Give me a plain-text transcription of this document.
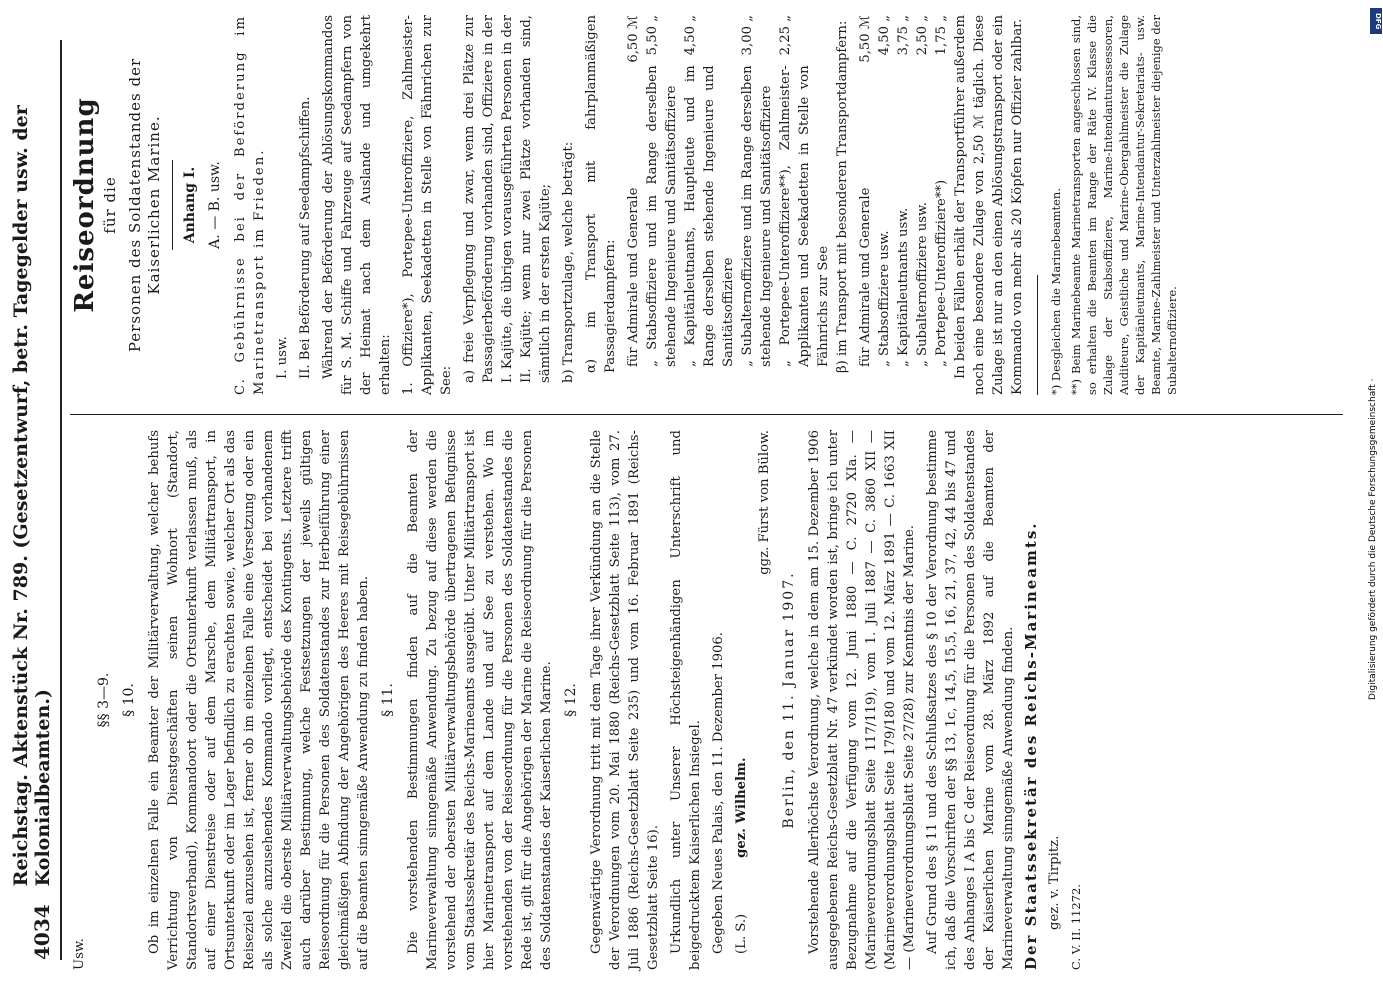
4034
Reichstag. Aktenstück Nr. 789. (Gesetzentwurf, betr. Tagegelder usw. der Kolonialbeamten.)

Usw.

§§ 3—9. § 10. Ob im einzelnen Falle ein Beamter der Militärverwaltung, welcher behufs Verrichtung von Dienstgeschäften seinen Wohnort (Standort, Standortsverband), Kommandoort oder die Ortsunterkunft verlassen muß, als auf einer Dienstreise oder auf dem Marsche, dem Militärtransport, in Ortsunterkunft oder im Lager befindlich zu erachten sowie, welcher Ort als das Reiseziel anzusehen ist, ferner ob im einzelnen Falle eine Versetzung oder ein als solche anzusehendes Kommando vorliegt, entscheidet bei vorhandenem Zweifel die oberste Militärverwaltungsbehörde des Kontingents. Letztere trifft auch darüber Bestimmung, welche Festsetzungen der jeweils gültigen Reiseordnung für die Personen des Soldatenstandes zur Herbeiführung einer gleichmäßigen Abfindung der Angehörigen des Heeres mit Reisegebührnissen auf die Beamten sinngemäße Anwendung zu finden haben. § 11. Die vorstehenden Bestimmungen finden auf die Beamten der Marineverwaltung sinngemäße Anwendung. Zu bezug auf diese werden die vorstehend der obersten Militärverwaltungsbehörde übertragenen Befugnisse vom Staatssekretär des Reichs-Marineamts ausgeübt. Unter Militärtransport ist hier Marinetransport auf dem Lande und auf See zu verstehen. Wo im vorstehenden von der Reiseordnung für die Personen des Soldatenstandes die Rede ist, gilt für die Angehörigen der Marine die Reiseordnung für die Personen des Soldatenstandes der Kaiserlichen Marine. § 12. Gegenwärtige Verordnung tritt mit dem Tage ihrer Verkündung an die Stelle der Verordnungen vom 20. Mai 1880 (Reichs-Gesetzblatt Seite 113), vom 27. Juli 1886 (Reichs-Gesetzblatt Seite 235) und vom 16. Februar 1891 (Reichs-Gesetzblatt Seite 16). Urkundlich unter Unserer Höchsteigenhändigen Unterschrift und beigedrucktem Kaiserlichen Insiegel. Gegeben Neues Palais, den 11. Dezember 1906. (L. S.)
gez. Wilhelm.

ggz. Fürst von Bülow.

Berlin, den 11. Januar 1907. Vorstehende Allerhöchste Verordnung, welche in dem am 15. Dezember 1906 ausgegebenen Reichs-Gesetzblatt Nr. 47 verkündet worden ist, bringe ich unter Bezugnahme auf die Verfügung vom 12. Juni 1880 — C. 2720 XIa. — (Marineverordnungsblatt Seite 117/119), vom 1. Juli 1887 — C. 3860 XII — (Marineverordnungsblatt Seite 179/180 und vom 12. März 1891 — C. 1663 XII — (Marineverordnungsblatt Seite 27/28) zur Kenntnis der Marine. Auf Grund des § 11 und des Schlußsatzes des § 10 der Verordnung bestimme ich, daß die Vorschriften der §§ 13, 1c, 14,5, 15,5, 16, 21, 37, 42, 44 bis 47 und des Anhanges I A bis C der Reiseordnung für die Personen des Soldatenstandes der Kaiserlichen Marine vom 28. März 1892 auf die Beamten der Marineverwaltung sinngemäße Anwendung finden. Der Staatssekretär des Reichs-Marineamts. gez. v. Tirpitz. C. V. II. 11272.

Reiseordnung für die Personen des Soldatenstandes der Kaiserlichen Marine. Anhang I. A. — B. usw. C. Gebührnisse bei der Beförderung im Marinetransport im Frieden. I. usw. II. Bei Beförderung auf Seedampfschiffen. Während der Beförderung der Ablösungskommandos für S. M. Schiffe und Fahrzeuge auf Seedampfern von der Heimat nach dem Auslande und umgekehrt erhalten: 1. Offiziere*), Portepee-Unteroffiziere, Zahlmeister-Applikanten, Seekadetten in Stelle von Fähnrichen zur See: a) freie Verpflegung und zwar, wenn drei Plätze zur Passagierbeförderung vorhanden sind, Offiziere in der I. Kajüte, die übrigen vorausgeführten Personen in der II. Kajüte; wenn nur zwei Plätze vorhanden sind, sämtlich in der ersten Kajüte; b) Transportzulage, welche beträgt: α) im Transport mit fahrplanmäßigen Passagierdampfern: für Admirale und Generale
6,50 ℳ
„ Stabsoffiziere und im Range derselben stehende Ingenieure und Sanitätsoffiziere
5,50 „
„ Kapitänleutnants, Hauptleute und im Range derselben stehende Ingenieure und Sanitätsoffiziere
4,50 „
„ Subalternoffiziere und im Range derselben stehende Ingenieure und Sanitätsoffiziere
3,00 „
„ Portepee-Unteroffiziere**), Zahlmeister-Applikanten und Seekadetten in Stelle von Fähnrichs zur See
2,25 „	β) im Transport mit besonderen Transportdampfern: für Admirale und Generale
5,50 ℳ
„ Stabsoffiziere usw.
4,50 „
„ Kapitänleutnants usw.
3,75 „
„ Subalternoffiziere usw.
2,50 „
„ Portepee-Unteroffiziere**)
1,75 „ In beiden Fällen erhält der Transportführer außerdem noch eine besondere Zulage von 2,50 ℳ täglich. Diese Zulage ist nur an den einen Ablösungstransport oder ein Kommando von mehr als 20 Köpfen nur Offizier zahlbar. *) Desgleichen die Marinebeamten. **) Beim Marinebeamte Marinetransporten angeschlossen sind, so erhalten die Beamten im Range der Räte IV. Klasse die Zulage der Stabsoffiziere, Marine-Intendanturassessoren, Auditeure, Geistliche und Marine-Obergahlmeister die Zulage der Kapitänleutnants, Marine-Intendantur-Sekretariats- usw. Beamte, Marine-Zahlmeister und Unterzahlmeister diejenige der Subalternoffiziere.

DFG
Digitalisierung gefördert durch die Deutsche Forschungsgemeinschaft ·
